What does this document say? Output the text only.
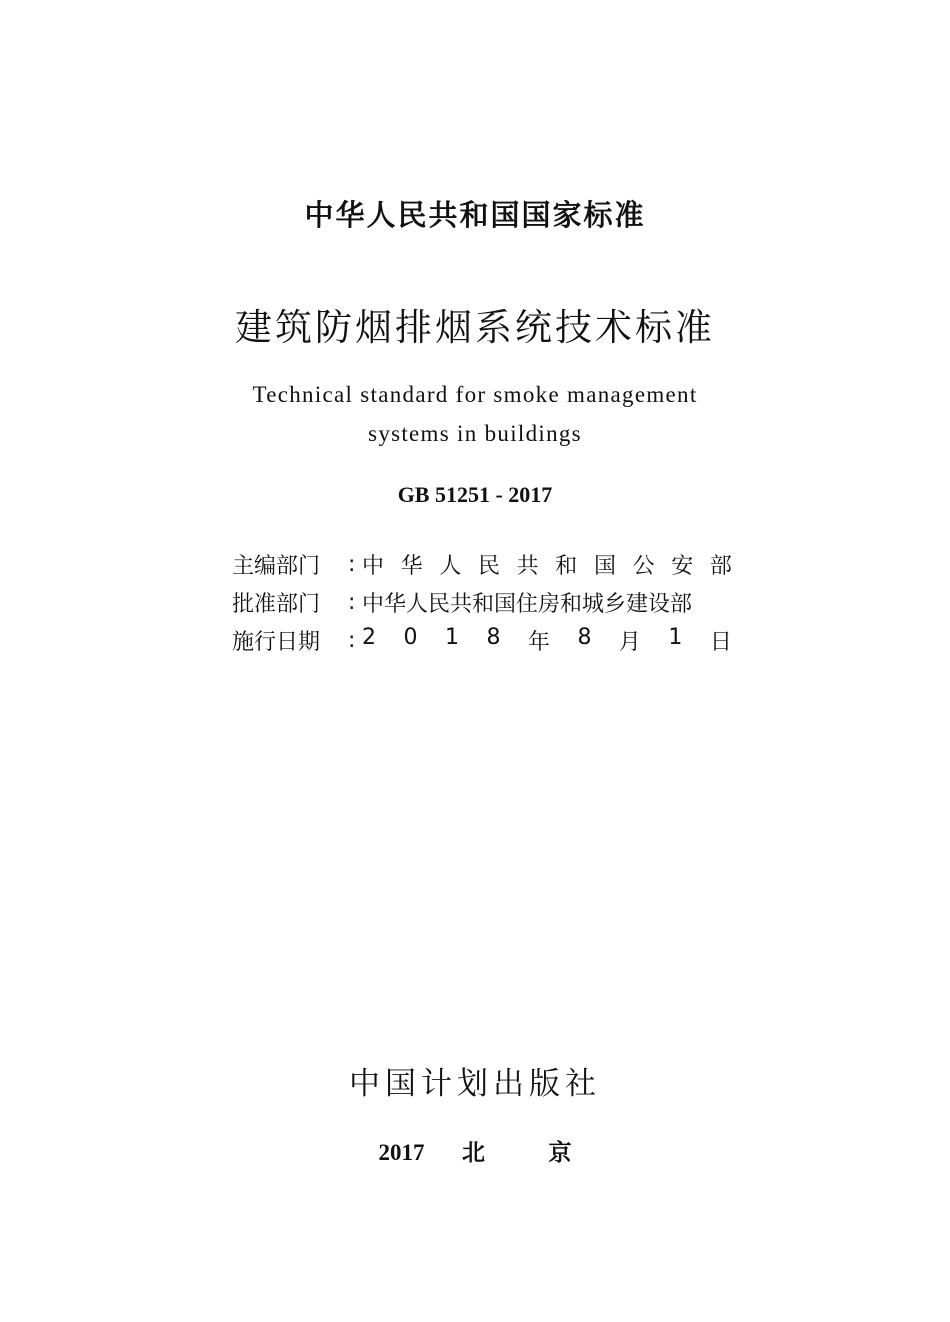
中华人民共和国国家标准
建筑防烟排烟系统技术标准
Technical standard for smoke management
systems in buildings
GB 51251 - 2017
主编部门	: 中 华 人 民 共 和 国 公 安 部
批准部门	: 中华人民共和国住房和城乡建设部
施行日期	: 2 0 1 8 年 8 月 1 日
中国计划出版社
2017 北	京
